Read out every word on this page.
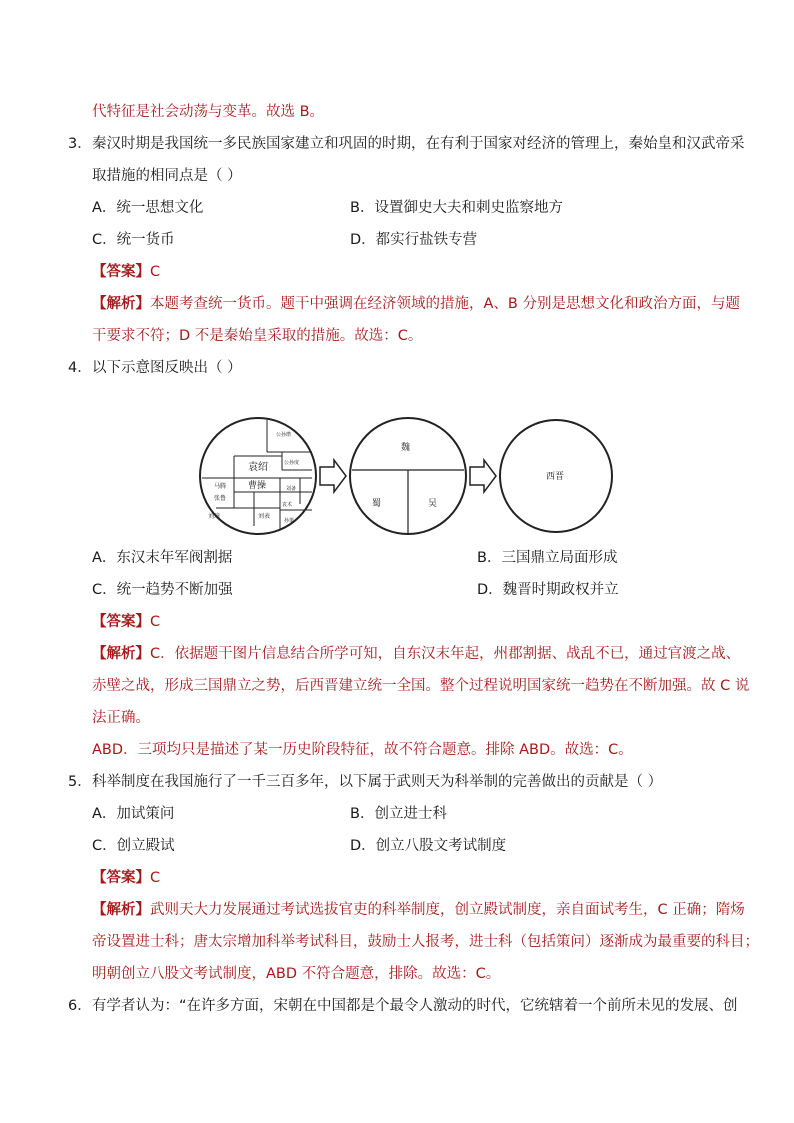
代特征是社会动荡与变革。故选 B。
3． 秦汉时期是我国统一多民族国家建立和巩固的时期，在有利于国家对经济的管理上，秦始皇和汉武帝采
取措施的相同点是（ ）
A．统一思想文化	B．设置御史大夫和刺史监察地方
C．统一货币	D．都实行盐铁专营
【答案】C
【解析】本题考查统一货币。题干中强调在经济领域的措施，A、B 分别是思想文化和政治方面，与题
干要求不符；D 不是秦始皇采取的措施。故选：C。
4． 以下示意图反映出（ ）
袁绍
公孙瓒
公孙度
马腾
张鲁
刘璋
曹操	刘备
刘表
袁术
孙策
魏
蜀	吴
西晋
A．东汉末年军阀割据	B．三国鼎立局面形成
C．统一趋势不断加强	D．魏晋时期政权并立
【答案】C
【解析】C．依据题干图片信息结合所学可知，自东汉末年起，州郡割据、战乱不已，通过官渡之战、
赤壁之战，形成三国鼎立之势，后西晋建立统一全国。整个过程说明国家统一趋势在不断加强。故 C 说
法正确。
ABD．三项均只是描述了某一历史阶段特征，故不符合题意。排除 ABD。故选：C。
5． 科举制度在我国施行了一千三百多年，以下属于武则天为科举制的完善做出的贡献是（ ）
A．加试策问	B．创立进士科
C．创立殿试	D．创立八股文考试制度
【答案】C
【解析】武则天大力发展通过考试选拔官吏的科举制度，创立殿试制度，亲自面试考生，C 正确；隋炀
帝设置进士科；唐太宗增加科举考试科目，鼓励士人报考，进士科（包括策问）逐渐成为最重要的科目；
明朝创立八股文考试制度，ABD 不符合题意，排除。故选：C。
6． 有学者认为：“在许多方面，宋朝在中国都是个最令人激动的时代，它统辖着一个前所未见的发展、创
